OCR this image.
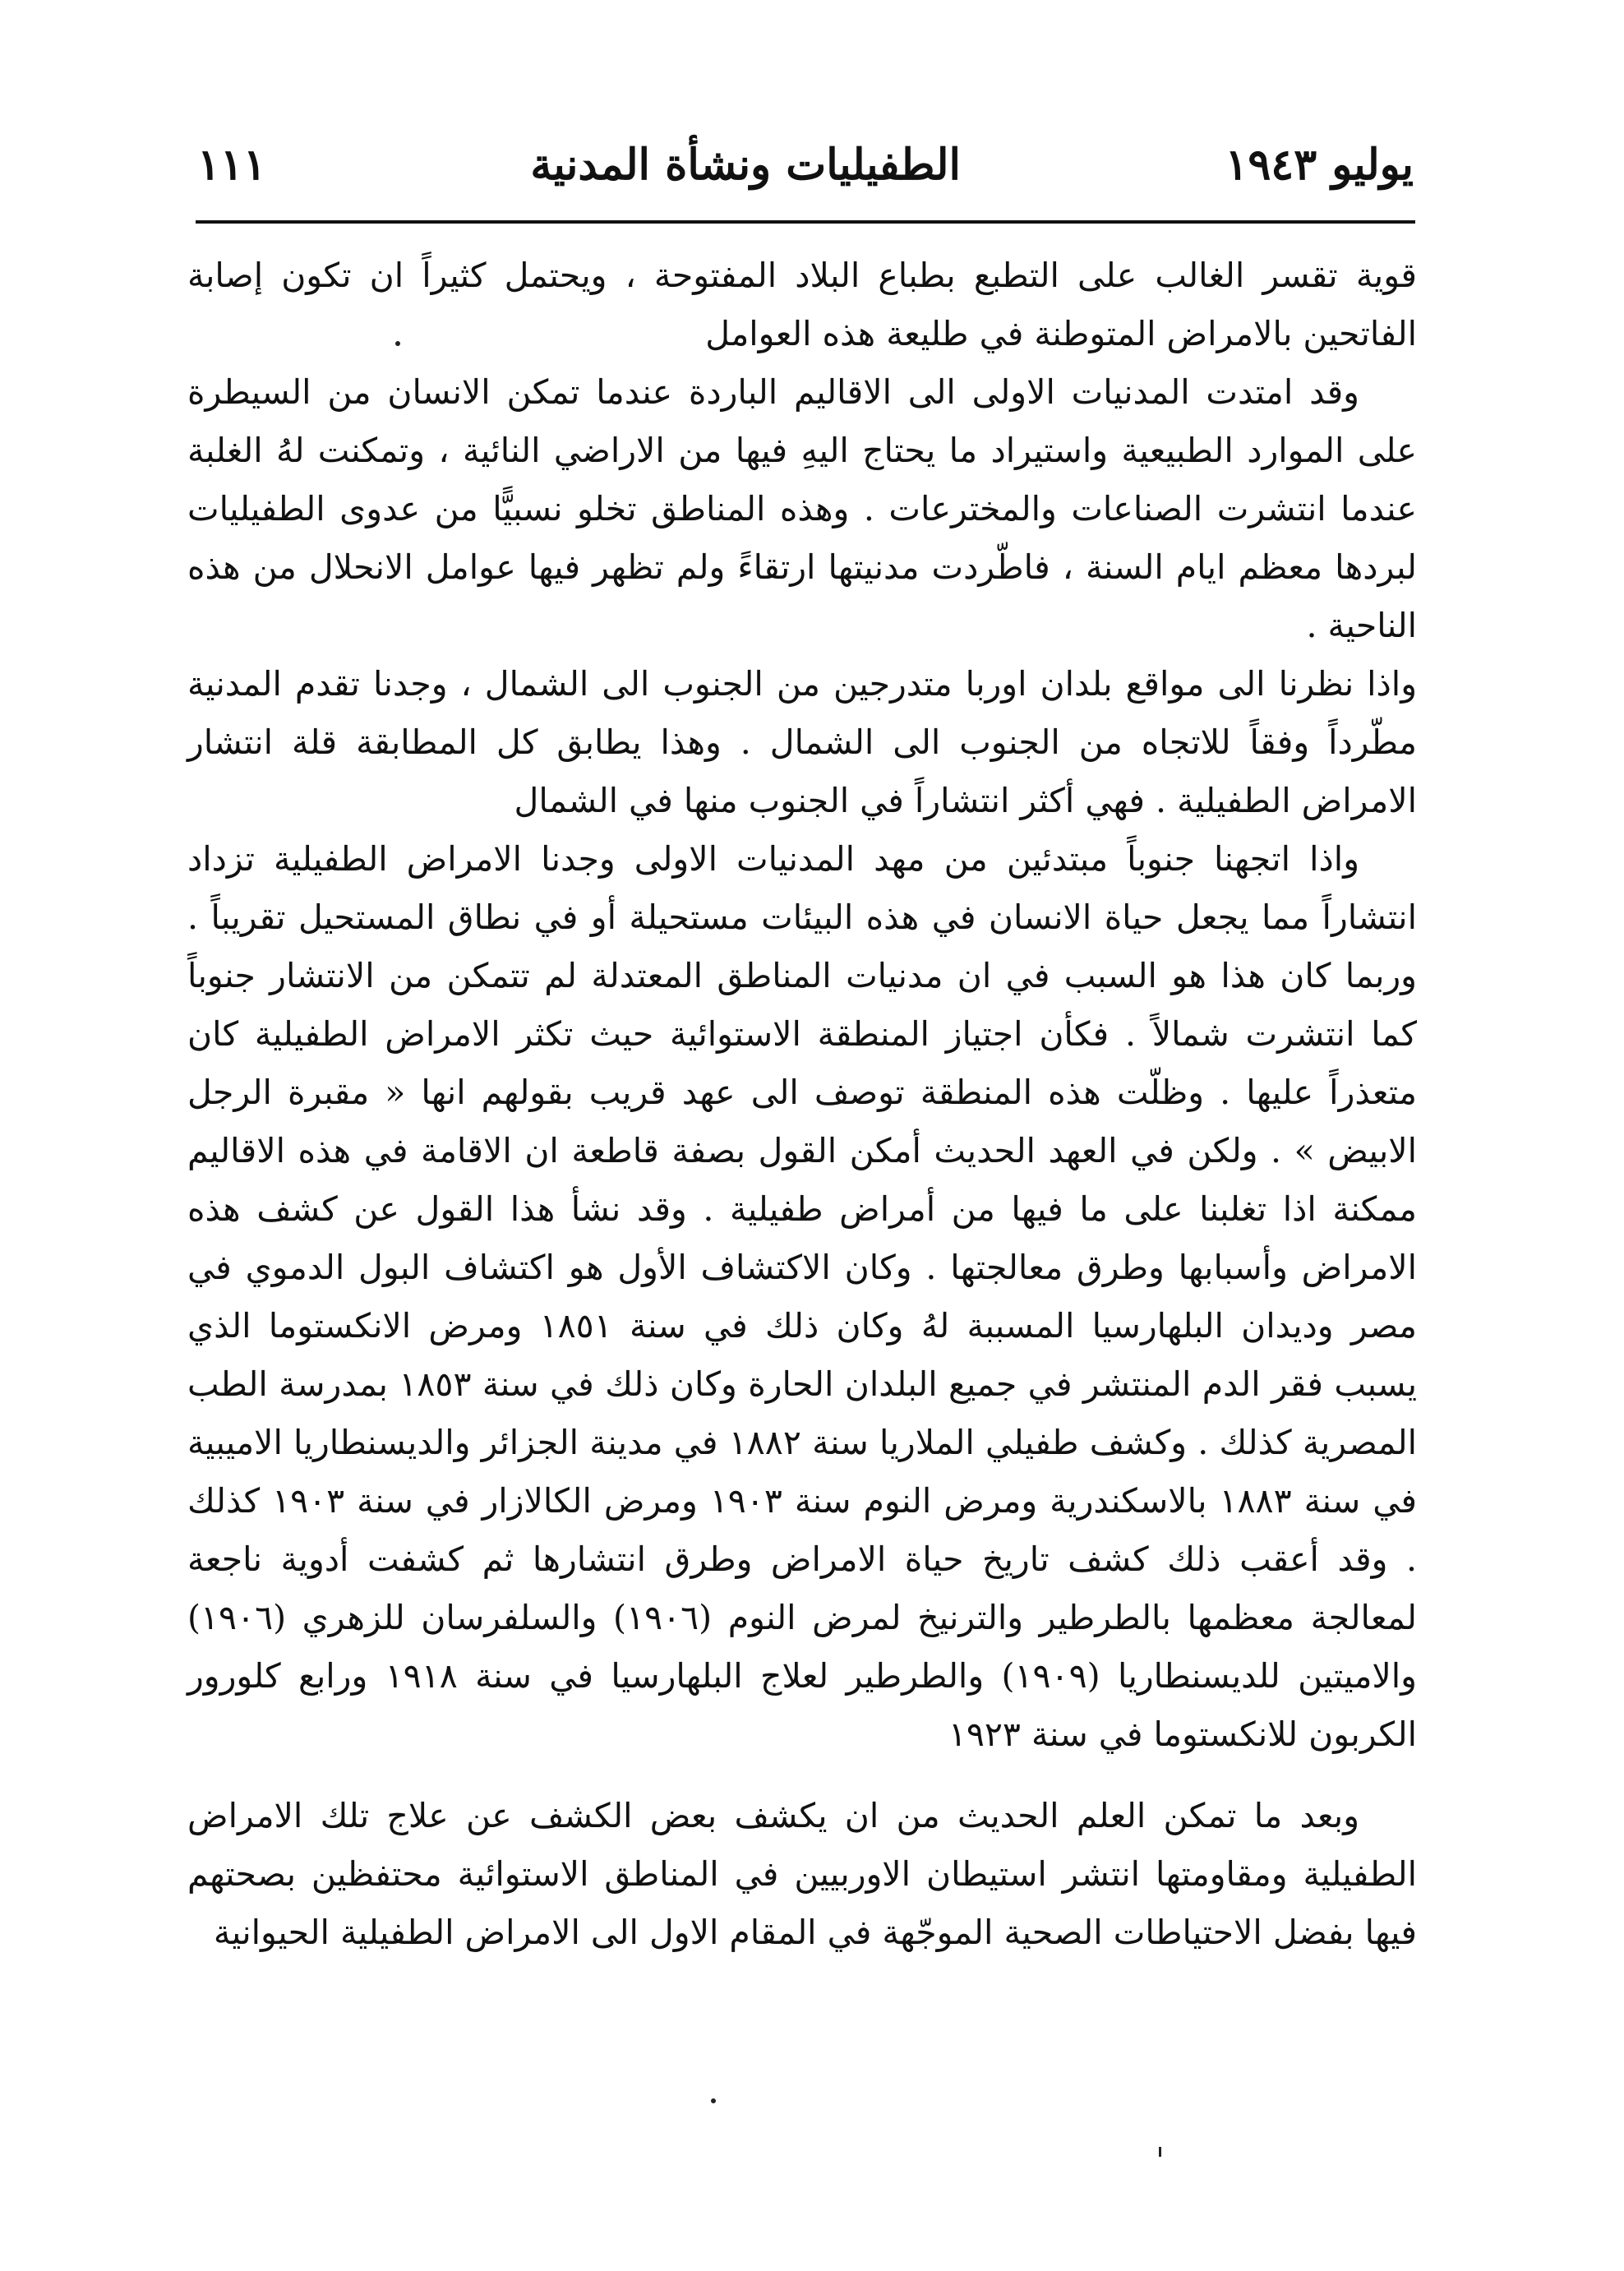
يوليو ١٩٤٣
الطفيليات ونشأة المدنية
١١١

قوية تقسر الغالب على التطبع بطباع البلاد المفتوحة ، ويحتمل كثيراً ان تكون إصابة الفاتحين بالامراض المتوطنة في طليعة هذه العوامل

وقد امتدت المدنيات الاولى الى الاقاليم الباردة عندما تمكن الانسان من السيطرة على الموارد الطبيعية واستيراد ما يحتاج اليهِ فيها من الاراضي النائية ، وتمكنت لهُ الغلبة عندما انتشرت الصناعات والمخترعات . وهذه المناطق تخلو نسبيًّا من عدوى الطفيليات لبردها معظم ايام السنة ، فاطّردت مدنيتها ارتقاءً ولم تظهر فيها عوامل الانحلال من هذه الناحية .

واذا نظرنا الى مواقع بلدان اوربا متدرجين من الجنوب الى الشمال ، وجدنا تقدم المدنية مطّرداً وفقاً للاتجاه من الجنوب الى الشمال . وهذا يطابق كل المطابقة قلة انتشار الامراض الطفيلية . فهي أكثر انتشاراً في الجنوب منها في الشمال

واذا اتجهنا جنوباً مبتدئين من مهد المدنيات الاولى وجدنا الامراض الطفيلية تزداد انتشاراً مما يجعل حياة الانسان في هذه البيئات مستحيلة أو في نطاق المستحيل تقريباً . وربما كان هذا هو السبب في ان مدنيات المناطق المعتدلة لم تتمكن من الانتشار جنوباً كما انتشرت شمالاً . فكأن اجتياز المنطقة الاستوائية حيث تكثر الامراض الطفيلية كان متعذراً عليها . وظلّت هذه المنطقة توصف الى عهد قريب بقولهم انها « مقبرة الرجل الابيض » . ولكن في العهد الحديث أمكن القول بصفة قاطعة ان الاقامة في هذه الاقاليم ممكنة اذا تغلبنا على ما فيها من أمراض طفيلية . وقد نشأ هذا القول عن كشف هذه الامراض وأسبابها وطرق معالجتها . وكان الاكتشاف الأول هو اكتشاف البول الدموي في مصر وديدان البلهارسيا المسببة لهُ وكان ذلك في سنة ١٨٥١ ومرض الانكستوما الذي يسبب فقر الدم المنتشر في جميع البلدان الحارة وكان ذلك في سنة ١٨٥٣ بمدرسة الطب المصرية كذلك . وكشف طفيلي الملاريا سنة ١٨٨٢ في مدينة الجزائر والديسنطاريا الاميبية في سنة ١٨٨٣ بالاسكندرية ومرض النوم سنة ١٩٠٣ ومرض الكالازار في سنة ١٩٠٣ كذلك . وقد أعقب ذلك كشف تاريخ حياة الامراض وطرق انتشارها ثم كشفت أدوية ناجعة لمعالجة معظمها بالطرطير والترنيخ لمرض النوم (١٩٠٦) والسلفرسان للزهري (١٩٠٦) والاميتين للديسنطاريا (١٩٠٩) والطرطير لعلاج البلهارسيا في سنة ١٩١٨ ورابع كلورور الكربون للانكستوما في سنة ١٩٢٣

وبعد ما تمكن العلم الحديث من ان يكشف بعض الكشف عن علاج تلك الامراض الطفيلية ومقاومتها انتشر استيطان الاوربيين في المناطق الاستوائية محتفظين بصحتهم فيها بفضل الاحتياطات الصحية الموجّهة في المقام الاول الى الامراض الطفيلية الحيوانية
